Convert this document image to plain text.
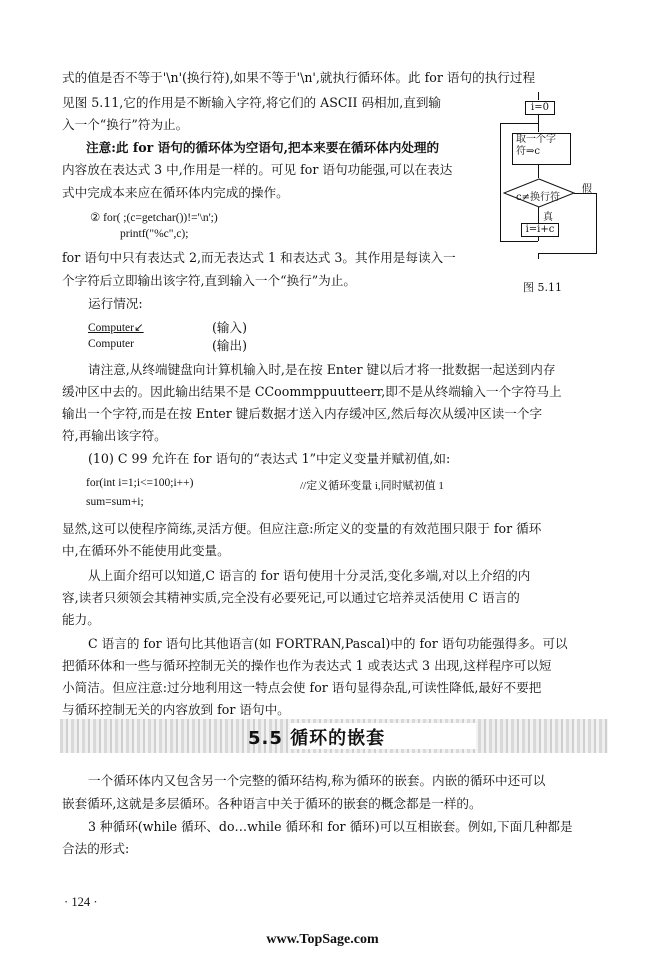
式的值是否不等于'\n'(换行符),如果不等于'\n',就执行循环体。此 for 语句的执行过程
见图 5.11,它的作用是不断输入字符,将它们的 ASCII 码相加,直到输
入一个“换行”符为止。
注意:此 for 语句的循环体为空语句,把本来要在循环体内处理的
内容放在表达式 3 中,作用是一样的。可见 for 语句功能强,可以在表达
式中完成本来应在循环体内完成的操作。
② for( ;(c=getchar())!='\n';)
printf("%c",c);
for 语句中只有表达式 2,而无表达式 1 和表达式 3。其作用是每读入一
个字符后立即输出该字符,直到输入一个“换行”为止。
运行情况:
Computer↙	(输入)
Computer	(输出)
请注意,从终端键盘向计算机输入时,是在按 Enter 键以后才将一批数据一起送到内存
缓冲区中去的。因此输出结果不是 CCoommppuutteerr,即不是从终端输入一个字符马上
输出一个字符,而是在按 Enter 键后数据才送入内存缓冲区,然后每次从缓冲区读一个字
符,再输出该字符。
(10) C 99 允许在 for 语句的“表达式 1”中定义变量并赋初值,如:
for(int i=1;i<=100;i++)	//定义循环变量 i,同时赋初值 1
sum=sum+i;
显然,这可以使程序简练,灵活方便。但应注意:所定义的变量的有效范围只限于 for 循环
中,在循环外不能使用此变量。
从上面介绍可以知道,C 语言的 for 语句使用十分灵活,变化多端,对以上介绍的内
容,读者只须领会其精神实质,完全没有必要死记,可以通过它培养灵活使用 C 语言的
能力。
C 语言的 for 语句比其他语言(如 FORTRAN,Pascal)中的 for 语句功能强得多。可以
把循环体和一些与循环控制无关的操作也作为表达式 1 或表达式 3 出现,这样程序可以短
小简洁。但应注意:过分地利用这一特点会使 for 语句显得杂乱,可读性降低,最好不要把
与循环控制无关的内容放到 for 语句中。
5.5 循环的嵌套
一个循环体内又包含另一个完整的循环结构,称为循环的嵌套。内嵌的循环中还可以
嵌套循环,这就是多层循环。各种语言中关于循环的嵌套的概念都是一样的。
3 种循环(while 循环、do…while 循环和 for 循环)可以互相嵌套。例如,下面几种都是
合法的形式:
i=0
取一个字
符⇒c
c≠换行符
假
真
i=i+c
图 5.11
· 124 ·
www.TopSage.com
